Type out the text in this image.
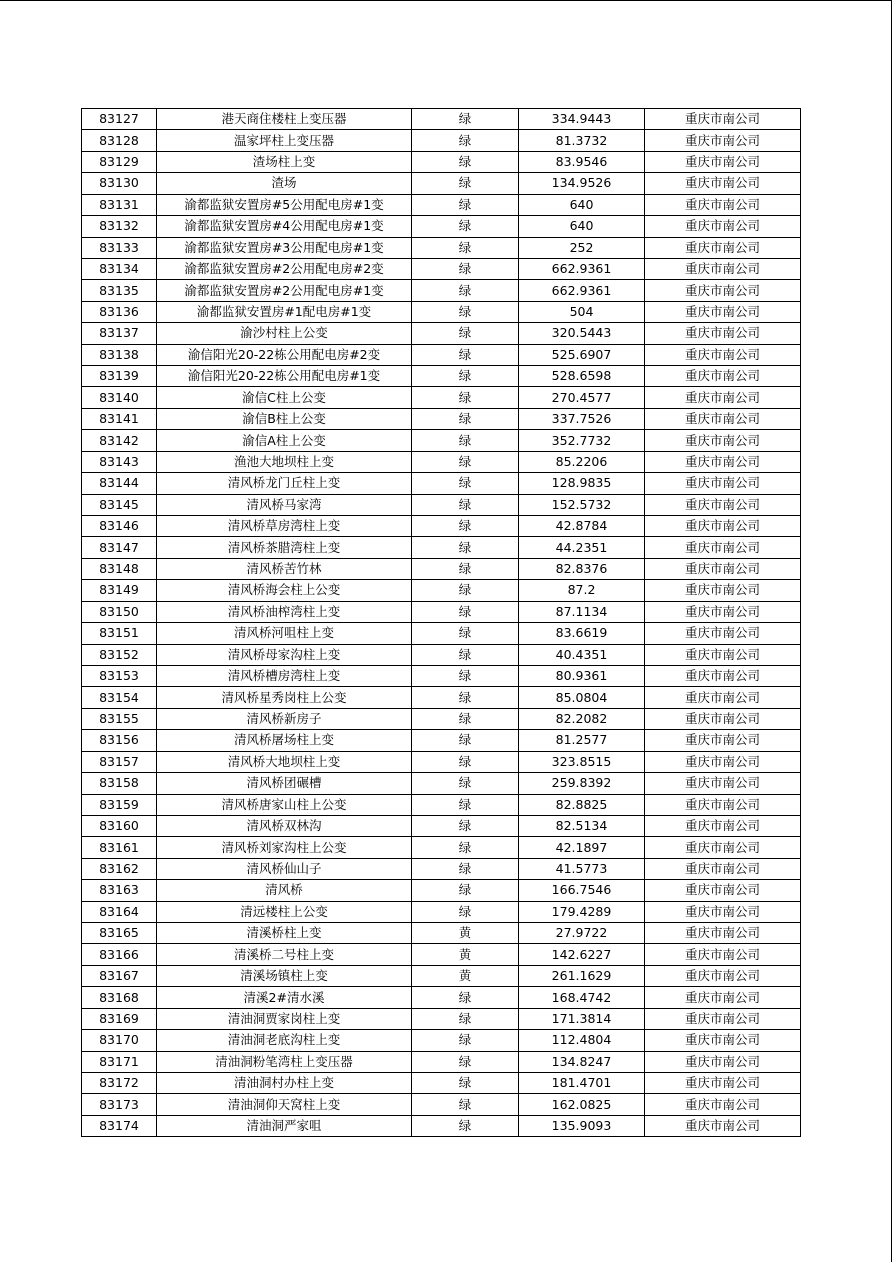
83127	港天商住楼柱上变压器	绿	334.9443	重庆市南公司
83128	温家坪柱上变压器	绿	81.3732	重庆市南公司
83129	渣场柱上变	绿	83.9546	重庆市南公司
83130	渣场	绿	134.9526	重庆市南公司
83131	渝都监狱安置房#5公用配电房#1变	绿	640	重庆市南公司
83132	渝都监狱安置房#4公用配电房#1变	绿	640	重庆市南公司
83133	渝都监狱安置房#3公用配电房#1变	绿	252	重庆市南公司
83134	渝都监狱安置房#2公用配电房#2变	绿	662.9361	重庆市南公司
83135	渝都监狱安置房#2公用配电房#1变	绿	662.9361	重庆市南公司
83136	渝都监狱安置房#1配电房#1变	绿	504	重庆市南公司
83137	渝沙村柱上公变	绿	320.5443	重庆市南公司
83138	渝信阳光20-22栋公用配电房#2变	绿	525.6907	重庆市南公司
83139	渝信阳光20-22栋公用配电房#1变	绿	528.6598	重庆市南公司
83140	渝信C柱上公变	绿	270.4577	重庆市南公司
83141	渝信B柱上公变	绿	337.7526	重庆市南公司
83142	渝信A柱上公变	绿	352.7732	重庆市南公司
83143	渔池大地坝柱上变	绿	85.2206	重庆市南公司
83144	清风桥龙门丘柱上变	绿	128.9835	重庆市南公司
83145	清风桥马家湾	绿	152.5732	重庆市南公司
83146	清风桥草房湾柱上变	绿	42.8784	重庆市南公司
83147	清风桥茶腊湾柱上变	绿	44.2351	重庆市南公司
83148	清风桥苦竹林	绿	82.8376	重庆市南公司
83149	清风桥海会柱上公变	绿	87.2	重庆市南公司
83150	清风桥油榨湾柱上变	绿	87.1134	重庆市南公司
83151	清风桥河咀柱上变	绿	83.6619	重庆市南公司
83152	清风桥母家沟柱上变	绿	40.4351	重庆市南公司
83153	清风桥槽房湾柱上变	绿	80.9361	重庆市南公司
83154	清风桥星秀岗柱上公变	绿	85.0804	重庆市南公司
83155	清风桥新房子	绿	82.2082	重庆市南公司
83156	清风桥屠场柱上变	绿	81.2577	重庆市南公司
83157	清风桥大地坝柱上变	绿	323.8515	重庆市南公司
83158	清风桥团碾槽	绿	259.8392	重庆市南公司
83159	清风桥唐家山柱上公变	绿	82.8825	重庆市南公司
83160	清风桥双林沟	绿	82.5134	重庆市南公司
83161	清风桥刘家沟柱上公变	绿	42.1897	重庆市南公司
83162	清风桥仙山子	绿	41.5773	重庆市南公司
83163	清风桥	绿	166.7546	重庆市南公司
83164	清远楼柱上公变	绿	179.4289	重庆市南公司
83165	清溪桥柱上变	黄	27.9722	重庆市南公司
83166	清溪桥二号柱上变	黄	142.6227	重庆市南公司
83167	清溪场镇柱上变	黄	261.1629	重庆市南公司
83168	清溪2#清水溪	绿	168.4742	重庆市南公司
83169	清油洞贾家岗柱上变	绿	171.3814	重庆市南公司
83170	清油洞老底沟柱上变	绿	112.4804	重庆市南公司
83171	清油洞粉笔湾柱上变压器	绿	134.8247	重庆市南公司
83172	清油洞村办柱上变	绿	181.4701	重庆市南公司
83173	清油洞仰天窝柱上变	绿	162.0825	重庆市南公司
83174	清油洞严家咀	绿	135.9093	重庆市南公司
